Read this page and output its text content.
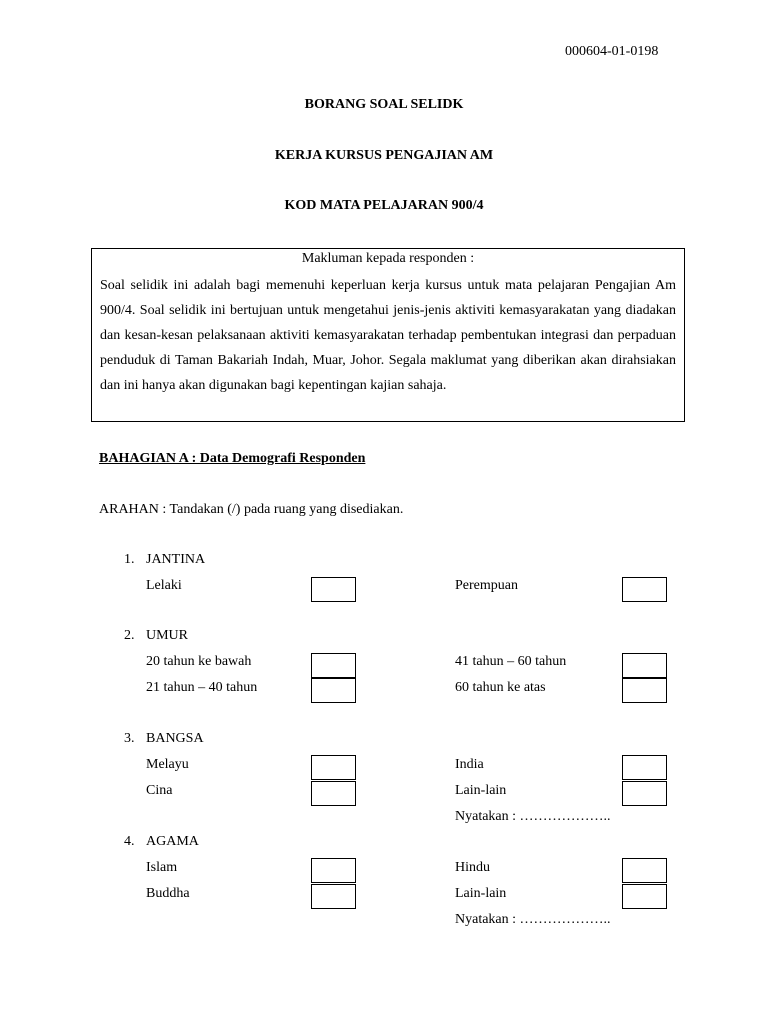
000604-01-0198
BORANG SOAL SELIDK
KERJA KURSUS PENGAJIAN AM
KOD MATA PELAJARAN 900/4
Makluman kepada responden :
Soal selidik ini adalah bagi memenuhi keperluan kerja kursus untuk mata pelajaran Pengajian Am 900/4. Soal selidik ini bertujuan untuk mengetahui jenis-jenis aktiviti kemasyarakatan yang diadakan dan kesan-kesan pelaksanaan aktiviti kemasyarakatan terhadap pembentukan integrasi dan perpaduan penduduk di Taman Bakariah Indah, Muar, Johor. Segala maklumat yang diberikan akan dirahsiakan dan ini hanya akan digunakan bagi kepentingan kajian sahaja.
BAHAGIAN A : Data Demografi Responden
ARAHAN : Tandakan (/) pada ruang yang disediakan.
1. JANTINA
Lelaki	Perempuan
2. UMUR
20 tahun ke bawah
21 tahun – 40 tahun
41 tahun – 60 tahun
60 tahun ke atas
3. BANGSA
Melayu
Cina
India
Lain-lain
Nyatakan : ………………..
4. AGAMA
Islam
Buddha
Hindu
Lain-lain
Nyatakan : ………………..
